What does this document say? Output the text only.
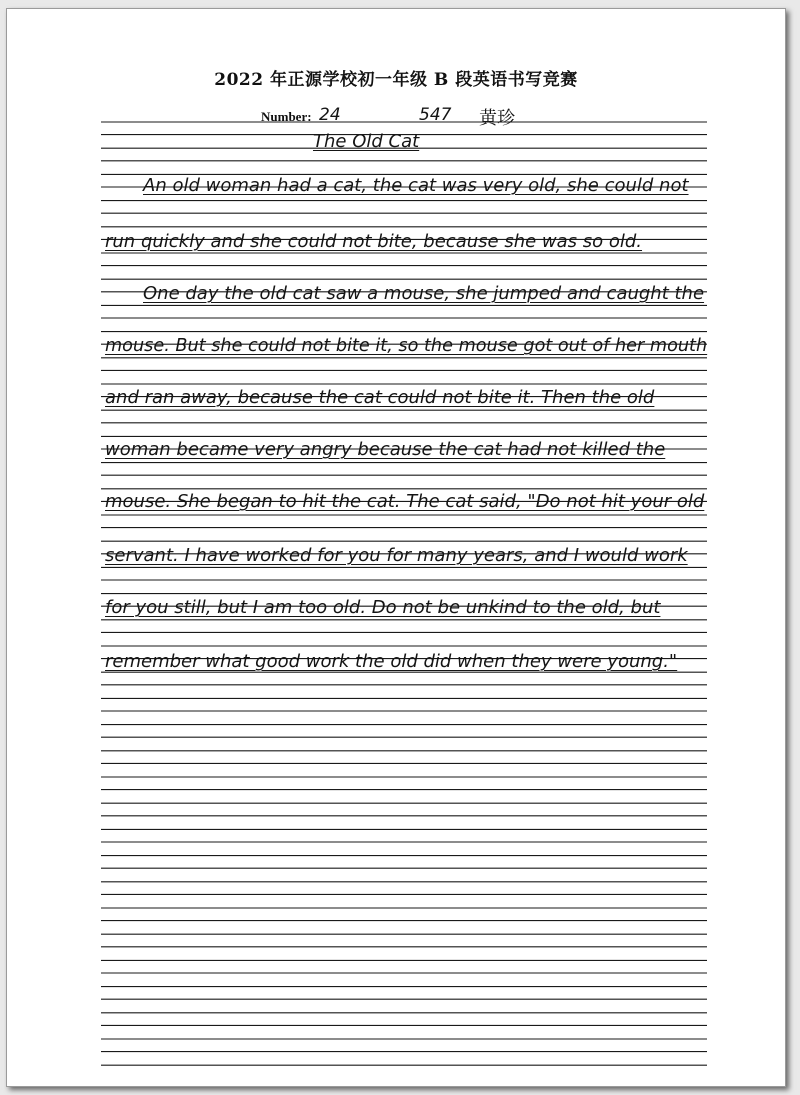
2022 年正源学校初一年级 B 段英语书写竞赛
Number: 24	547 黄珍
The Old Cat
An old woman had a cat, the cat was very old, she could not
run quickly and she could not bite, because she was so old.
One day the old cat saw a mouse, she jumped and caught the
mouse. But she could not bite it, so the mouse got out of her mouth
and ran away, because the cat could not bite it. Then the old
woman became very angry because the cat had not killed the
mouse. She began to hit the cat. The cat said, "Do not hit your old
servant. I have worked for you for many years, and I would work
for you still, but I am too old. Do not be unkind to the old, but
remember what good work the old did when they were young."
